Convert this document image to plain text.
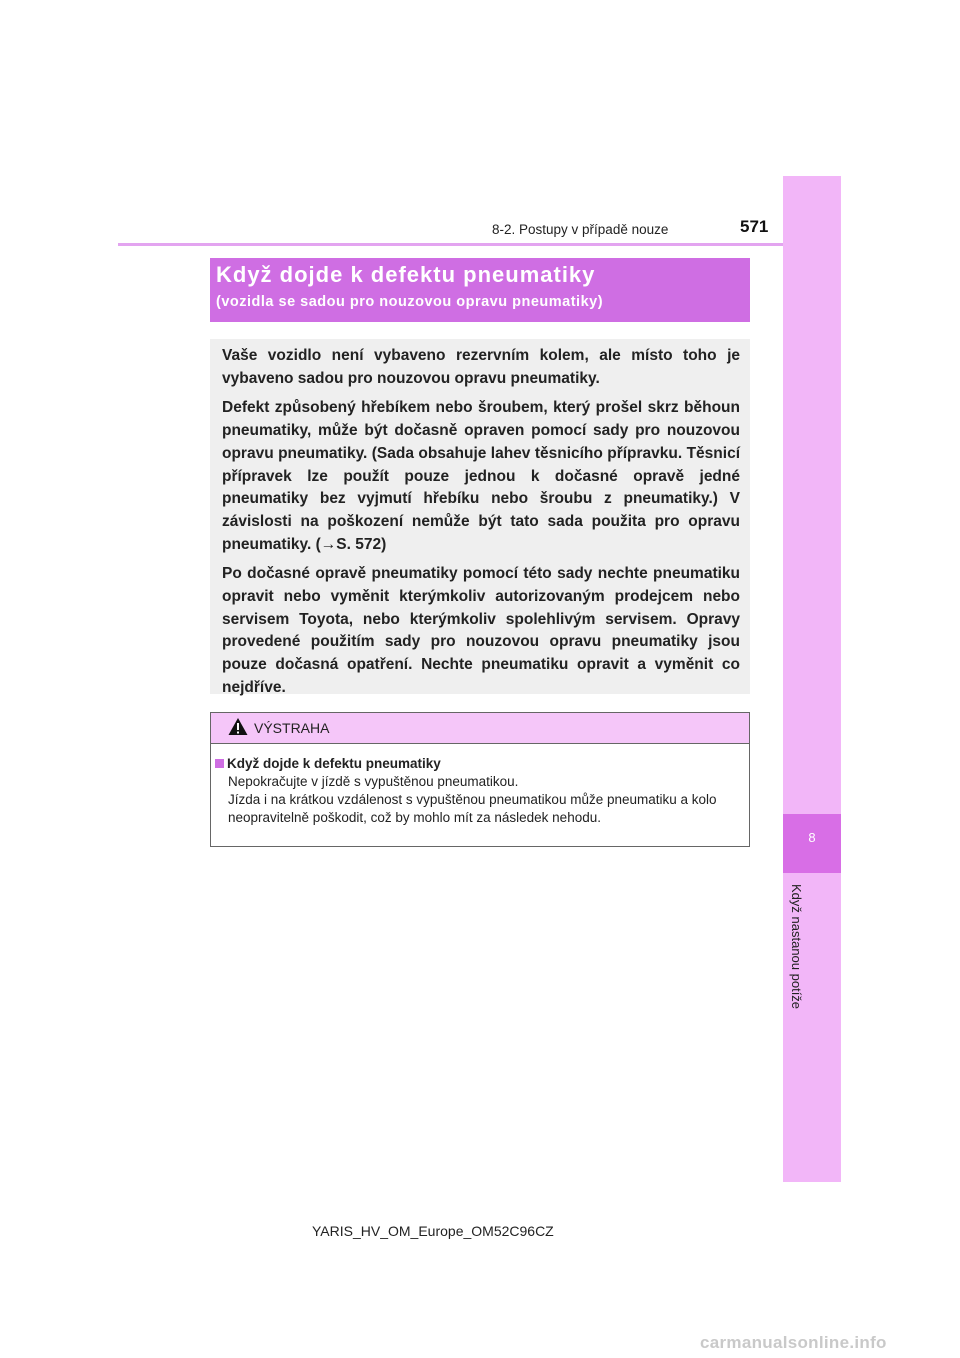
8-2. Postupy v případě nouze	571
8
Když nastanou potíže
Když dojde k defektu pneumatiky
(vozidla se sadou pro nouzovou opravu pneumatiky)

Vaše vozidlo není vybaveno rezervním kolem, ale místo toho je vybaveno sadou pro nouzovou opravu pneumatiky.

Defekt způsobený hřebíkem nebo šroubem, který prošel skrz běhoun pneumatiky, může být dočasně opraven pomocí sady pro nouzovou opravu pneumatiky. (Sada obsahuje lahev těsnicího přípravku. Těsnicí přípravek lze použít pouze jednou k dočasné opravě jedné pneumatiky bez vyjmutí hřebíku nebo šroubu z pneumatiky.) V závislosti na poškození nemůže být tato sada použita pro opravu pneumatiky. (→S. 572)

Po dočasné opravě pneumatiky pomocí této sady nechte pneumatiku opravit nebo vyměnit kterýmkoliv autorizovaným prodejcem nebo servisem Toyota, nebo kterýmkoliv spolehlivým servisem. Opravy provedené použitím sady pro nouzovou opravu pneumatiky jsou pouze dočasná opatření. Nechte pneumatiku opravit a vyměnit co nejdříve.

VÝSTRAHA
Když dojde k defektu pneumatiky
Nepokračujte v jízdě s vypuštěnou pneumatikou.
Jízda i na krátkou vzdálenost s vypuštěnou pneumatikou může pneumatiku a kolo neopravitelně poškodit, což by mohlo mít za následek nehodu.
YARIS_HV_OM_Europe_OM52C96CZ
carmanualsonline.info
